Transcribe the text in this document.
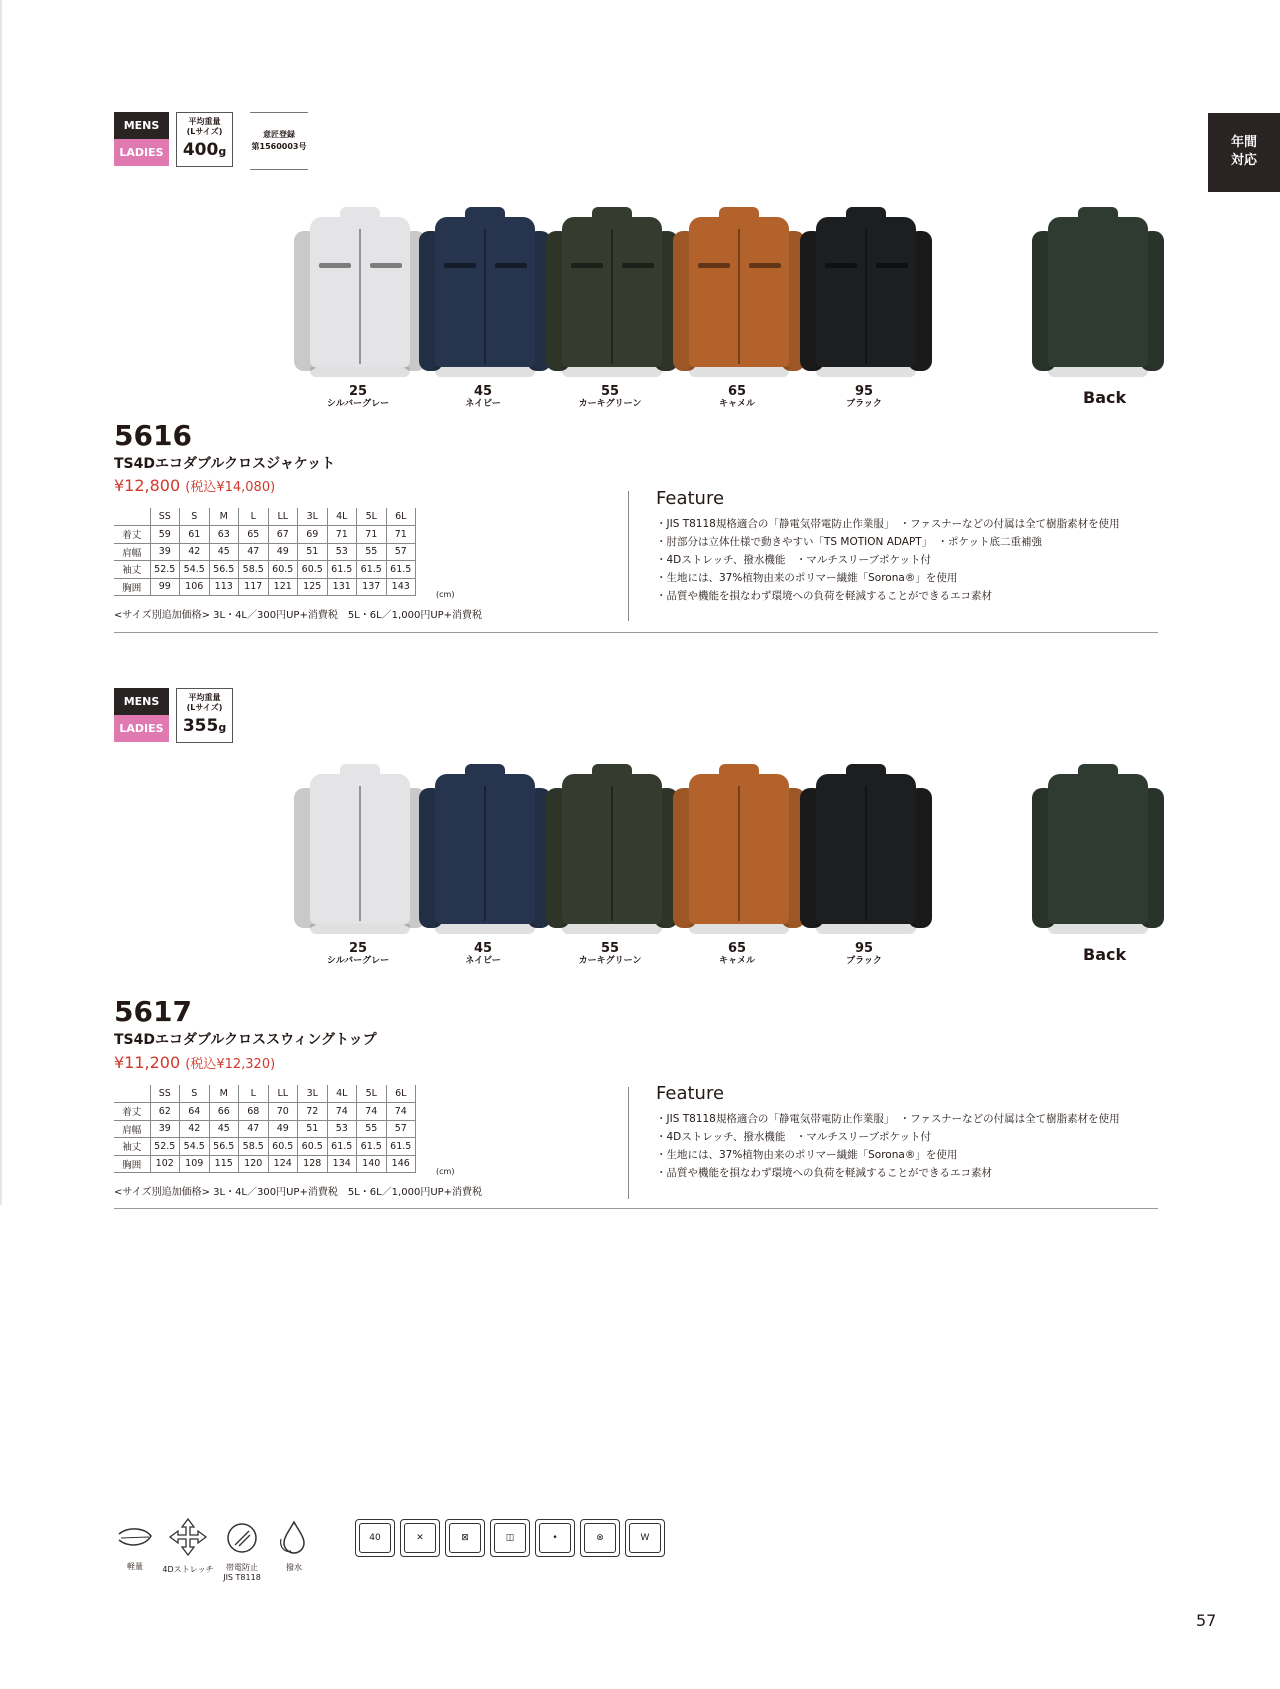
年間
対応
MENS
LADIES
平均重量
(Lサイズ)
400g
意匠登録
第1560003号
25
シルバーグレー
45
ネイビー
55
カーキグリーン
65
キャメル
95
ブラック	Back
5616
TS4Dエコダブルクロスジャケット
¥12,800 (税込¥14,080)
	SS	S	M	L	LL	3L	4L	5L	6L
着丈	59	61	63	65	67	69	71	71	71
肩幅	39	42	45	47	49	51	53	55	57
袖丈	52.5	54.5	56.5	58.5	60.5	60.5	61.5	61.5	61.5
胸囲	99	106	113	117	121	125	131	137	143
(cm)
<サイズ別追加価格> 3L・4L／300円UP+消費税　5L・6L／1,000円UP+消費税
Feature
・JIS T8118規格適合の「静電気帯電防止作業服」　・ファスナーなどの付属は全て樹脂素材を使用
・肘部分は立体仕様で動きやすい「TS MOTION ADAPT」　・ポケット底二重補強
・4Dストレッチ、撥水機能　・マルチスリーブポケット付
・生地には、37%植物由来のポリマー繊維「Sorona®」を使用
・品質や機能を損なわず環境への負荷を軽減することができるエコ素材
MENS
LADIES
平均重量
(Lサイズ)
355g
25
シルバーグレー
45
ネイビー
55
カーキグリーン
65
キャメル
95
ブラック	Back
5617
TS4Dエコダブルクロススウィングトップ
¥11,200 (税込¥12,320)
	SS	S	M	L	LL	3L	4L	5L	6L
着丈	62	64	66	68	70	72	74	74	74
肩幅	39	42	45	47	49	51	53	55	57
袖丈	52.5	54.5	56.5	58.5	60.5	60.5	61.5	61.5	61.5
胸囲	102	109	115	120	124	128	134	140	146
(cm)
<サイズ別追加価格> 3L・4L／300円UP+消費税　5L・6L／1,000円UP+消費税
Feature
・JIS T8118規格適合の「静電気帯電防止作業服」　・ファスナーなどの付属は全て樹脂素材を使用
・4Dストレッチ、撥水機能　・マルチスリーブポケット付
・生地には、37%植物由来のポリマー繊維「Sorona®」を使用
・品質や機能を損なわず環境への負荷を軽減することができるエコ素材
軽量	4Dストレッチ	帯電防止
JIS T8118
撥水
40	✕	⊠	◫	•	⊗	W
57
